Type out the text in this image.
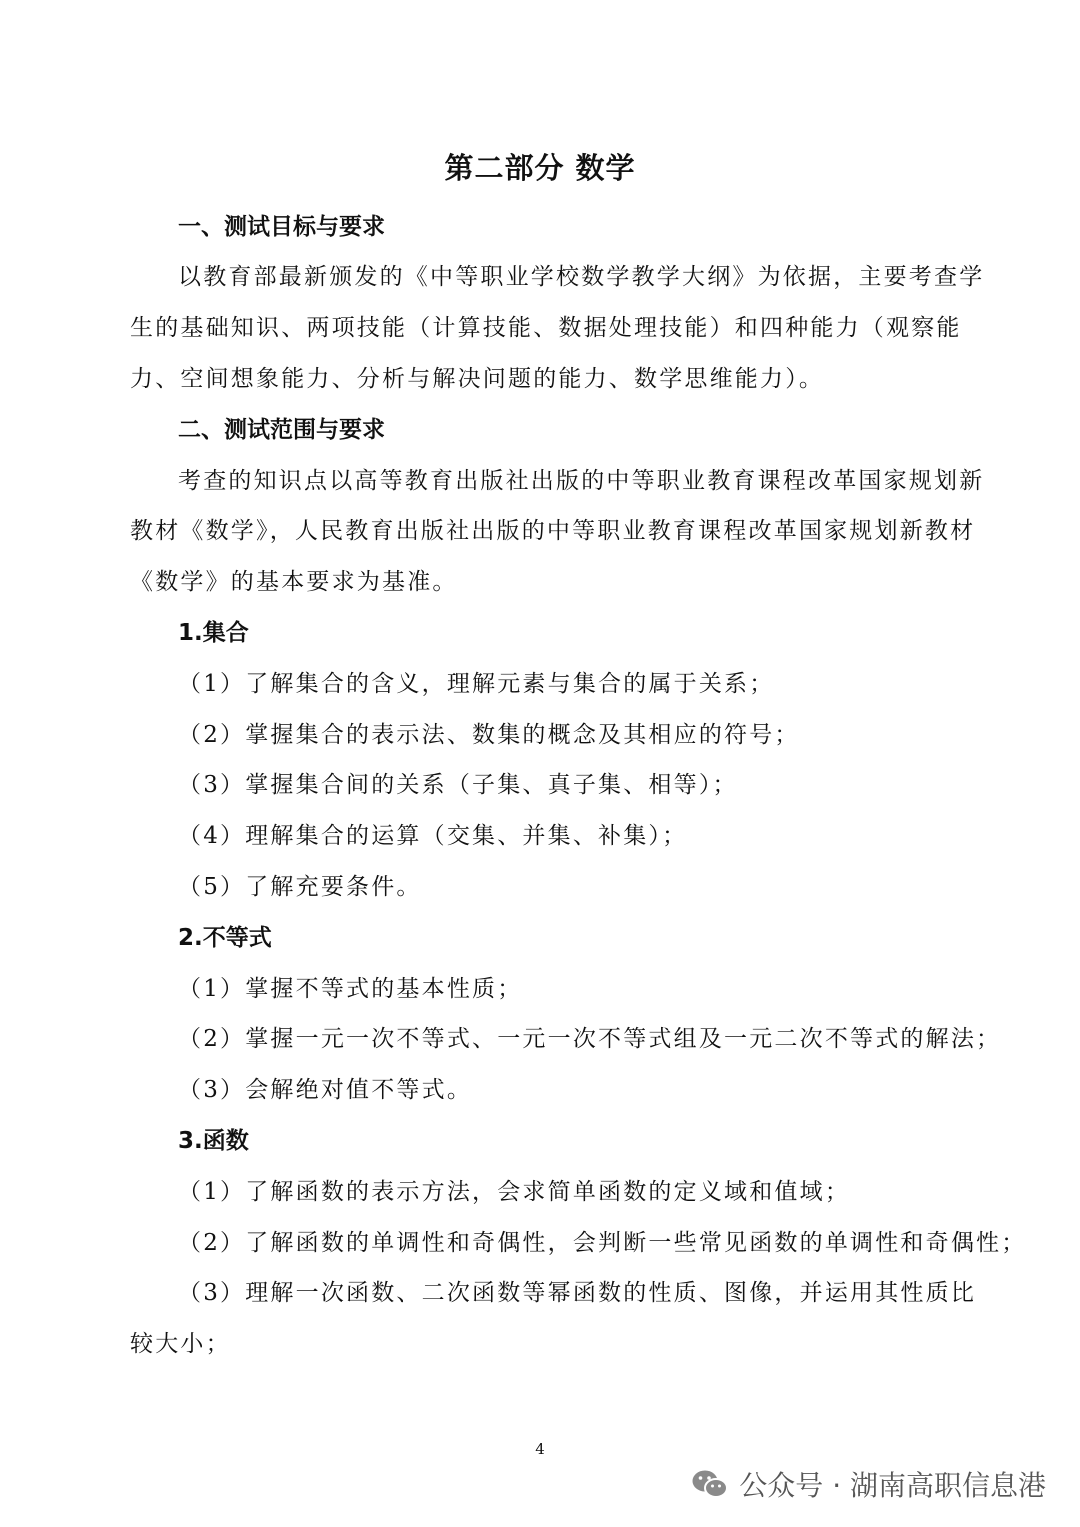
第二部分 数学
一、测试目标与要求
以教育部最新颁发的《中等职业学校数学教学大纲》为依据，主要考查学
生的基础知识、两项技能（计算技能、数据处理技能）和四种能力（观察能
力、空间想象能力、分析与解决问题的能力、数学思维能力）。
二、测试范围与要求
考查的知识点以高等教育出版社出版的中等职业教育课程改革国家规划新
教材《数学》，人民教育出版社出版的中等职业教育课程改革国家规划新教材
《数学》的基本要求为基准。
1.集合
（1）了解集合的含义，理解元素与集合的属于关系；
（2）掌握集合的表示法、数集的概念及其相应的符号；
（3）掌握集合间的关系（子集、真子集、相等）；
（4）理解集合的运算（交集、并集、补集）；
（5）了解充要条件。
2.不等式
（1）掌握不等式的基本性质；
（2）掌握一元一次不等式、一元一次不等式组及一元二次不等式的解法；
（3）会解绝对值不等式。
3.函数
（1）了解函数的表示方法，会求简单函数的定义域和值域；
（2）了解函数的单调性和奇偶性，会判断一些常见函数的单调性和奇偶性；
（3）理解一次函数、二次函数等幂函数的性质、图像，并运用其性质比
较大小；
4
公众号 · 湖南高职信息港
